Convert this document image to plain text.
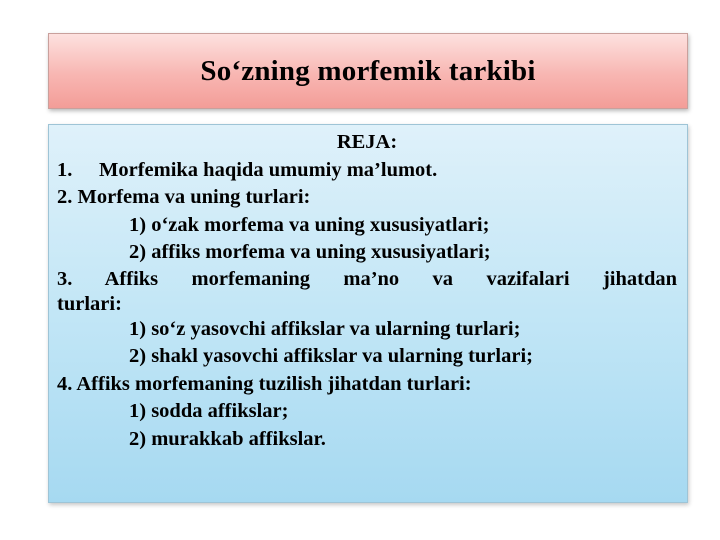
So‘zning morfemik tarkibi
REJA:
1. Morfemika haqida umumiy ma’lumot.
2. Morfema va uning turlari:
1) o‘zak morfema va uning xususiyatlari;
2) affiks morfema va uning xususiyatlari;
3. Affiks morfemaning ma’no va vazifalari jihatdan
turlari:
1) so‘z yasovchi affikslar va ularning turlari;
2) shakl yasovchi affikslar va ularning turlari;
4. Affiks morfemaning tuzilish jihatdan turlari:
1) sodda affikslar;
2) murakkab affikslar.
